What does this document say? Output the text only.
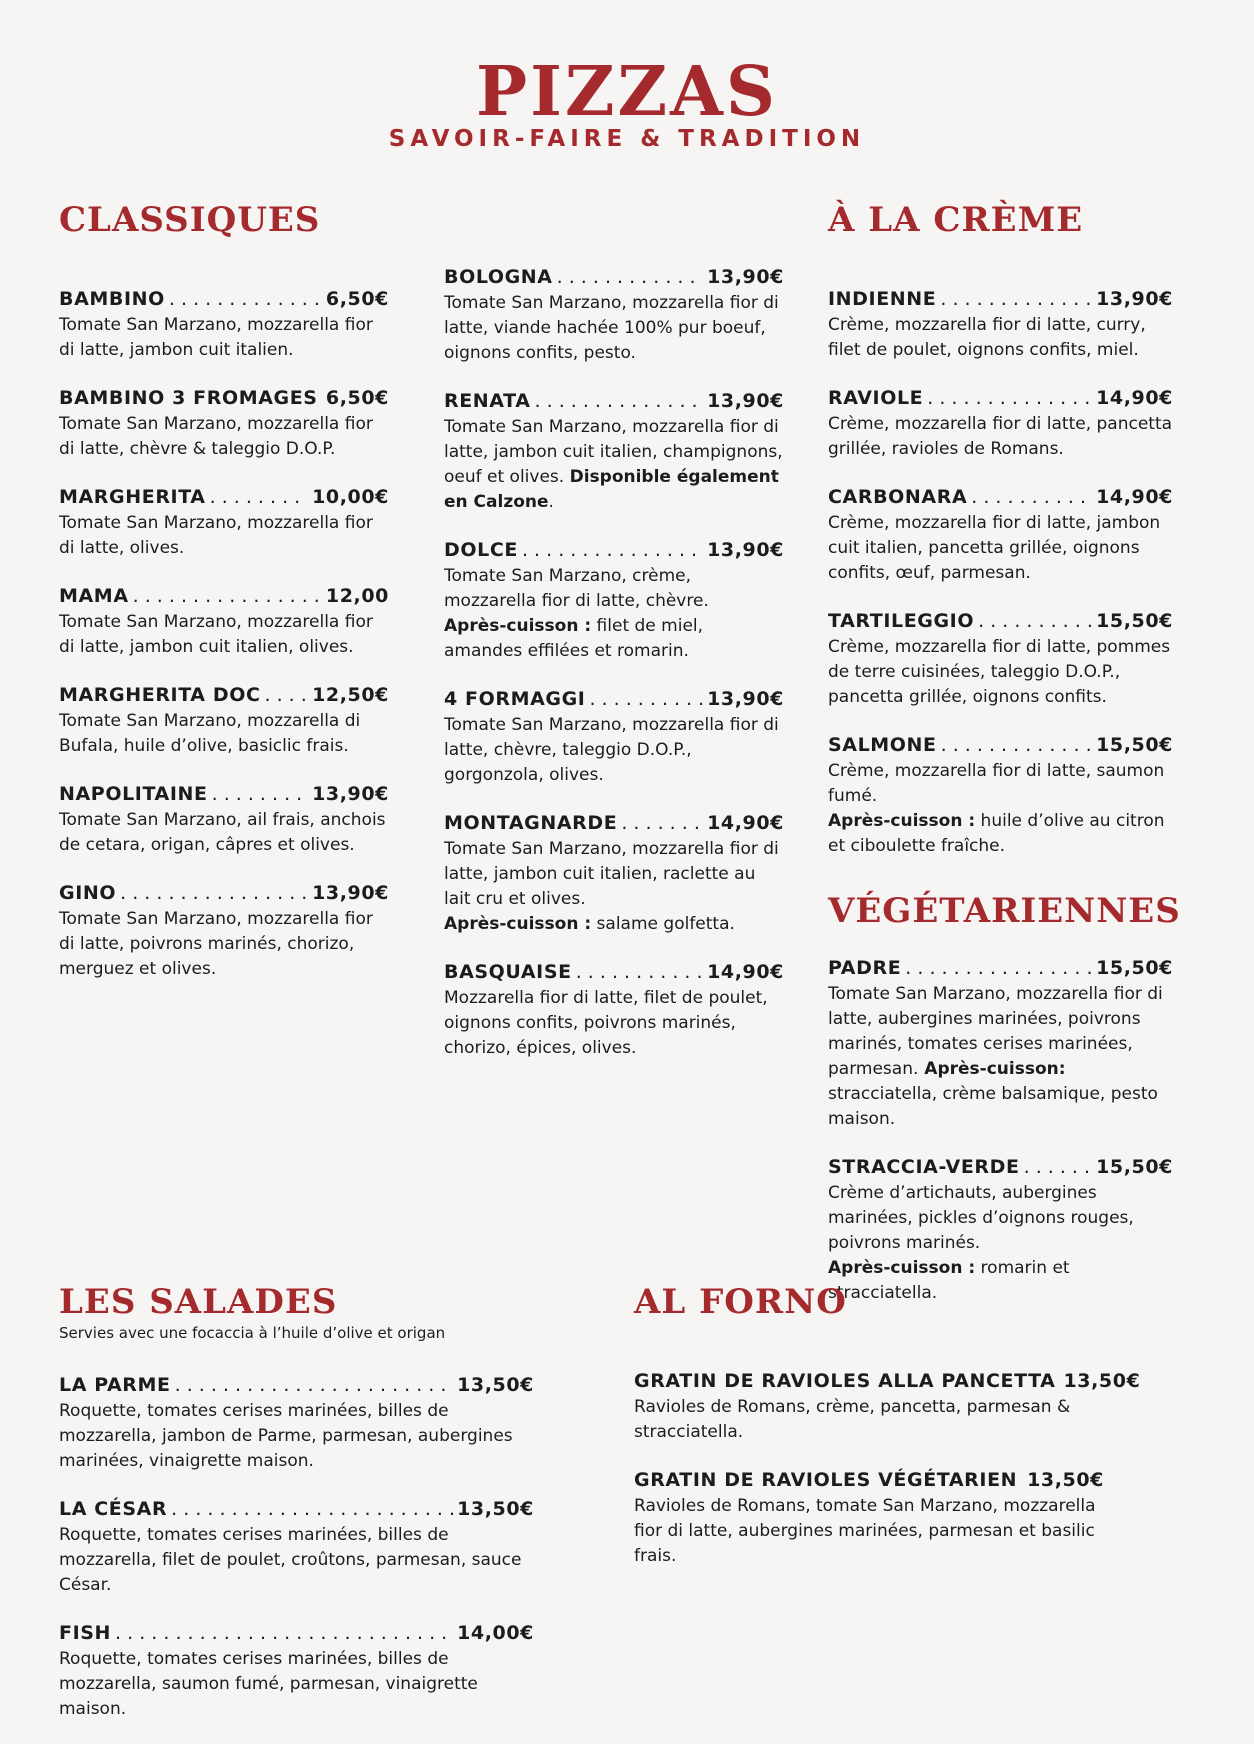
PIZZAS
SAVOIR-FAIRE & TRADITION
CLASSIQUES
BAMBINO . . .	6,50€
Tomate San Marzano, mozzarella fior di latte, jambon cuit italien.
BAMBINO 3 FROMAGES . . . 6,50€
Tomate San Marzano, mozzarella fior di latte, chèvre & taleggio D.O.P.
MARGHERITA . . .	10,00€
Tomate San Marzano, mozzarella fior di latte, olives.
MAMA . . .	12,00
Tomate San Marzano, mozzarella fior di latte, jambon cuit italien, olives.
MARGHERITA DOC . . .	12,50€
Tomate San Marzano, mozzarella di Bufala, huile d’olive, basiclic frais.
NAPOLITAINE . . .	13,90€
Tomate San Marzano, ail frais, anchois de cetara, origan, câpres et olives.
GINO . . .	13,90€
Tomate San Marzano, mozzarella fior di latte, poivrons marinés, chorizo, merguez et olives.
BOLOGNA . . .	13,90€
Tomate San Marzano, mozzarella fior di latte, viande hachée 100% pur boeuf, oignons confits, pesto.
RENATA . . .	13,90€
Tomate San Marzano, mozzarella fior di latte, jambon cuit italien, champignons, oeuf et olives. Disponible également en Calzone.
DOLCE . . .	13,90€
Tomate San Marzano, crème, mozzarella fior di latte, chèvre.
Après-cuisson : filet de miel, amandes effilées et romarin.
4 FORMAGGI . . .	13,90€
Tomate San Marzano, mozzarella fior di latte, chèvre, taleggio D.O.P., gorgonzola, olives.
MONTAGNARDE . . .	14,90€
Tomate San Marzano, mozzarella fior di latte, jambon cuit italien, raclette au lait cru et olives.
Après-cuisson : salame golfetta.
BASQUAISE . . .	14,90€
Mozzarella fior di latte, filet de poulet, oignons confits, poivrons marinés, chorizo, épices, olives.
À LA CRÈME
INDIENNE . . .	13,90€
Crème, mozzarella fior di latte, curry, filet de poulet, oignons confits, miel.
RAVIOLE . . .	14,90€
Crème, mozzarella fior di latte, pancetta grillée, ravioles de Romans.
CARBONARA . . .	14,90€
Crème, mozzarella fior di latte, jambon cuit italien, pancetta grillée, oignons confits, œuf, parmesan.
TARTILEGGIO . . .	15,50€
Crème, mozzarella fior di latte, pommes de terre cuisinées, taleggio D.O.P., pancetta grillée, oignons confits.
SALMONE . . .	15,50€
Crème, mozzarella fior di latte, saumon fumé.
Après-cuisson : huile d’olive au citron et ciboulette fraîche.
VÉGÉTARIENNES
PADRE . . .	15,50€
Tomate San Marzano, mozzarella fior di latte, aubergines marinées, poivrons marinés, tomates cerises marinées, parmesan. Après-cuisson: stracciatella, crème balsamique, pesto maison.
STRACCIA-VERDE . . .	15,50€
Crème d’artichauts, aubergines marinées, pickles d’oignons rouges, poivrons marinés.
Après-cuisson : romarin et stracciatella.
LES SALADES
Servies avec une focaccia à l’huile d’olive et origan
LA PARME . . .	13,50€
Roquette, tomates cerises marinées, billes de mozzarella, jambon de Parme, parmesan, aubergines marinées, vinaigrette maison.
LA CÉSAR . . .	13,50€
Roquette, tomates cerises marinées, billes de mozzarella, filet de poulet, croûtons, parmesan, sauce César.
FISH . . .	14,00€
Roquette, tomates cerises marinées, billes de mozzarella, saumon fumé, parmesan, vinaigrette maison.
AL FORNO
GRATIN DE RAVIOLES ALLA PANCETTA 13,50€
Ravioles de Romans, crème, pancetta, parmesan & stracciatella.
GRATIN DE RAVIOLES VÉGÉTARIEN . . . 13,50€
Ravioles de Romans, tomate San Marzano, mozzarella fior di latte, aubergines marinées, parmesan et basilic frais.
